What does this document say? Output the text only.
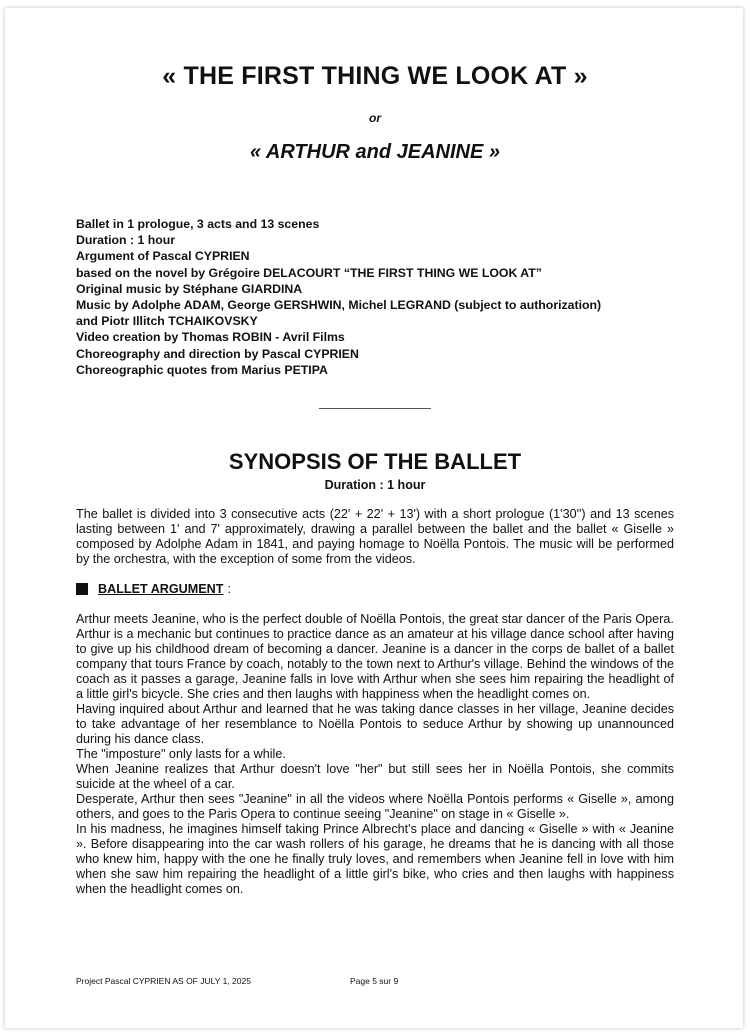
« THE FIRST THING WE LOOK AT »
or
« ARTHUR and JEANINE »
Ballet in 1 prologue, 3 acts and 13 scenes
Duration : 1 hour
Argument of Pascal CYPRIEN
based on the novel by Grégoire DELACOURT “THE FIRST THING WE LOOK AT”
Original music by Stéphane GIARDINA
Music by Adolphe ADAM, George GERSHWIN, Michel LEGRAND (subject to authorization)
and Piotr Illitch TCHAIKOVSKY
Video creation by Thomas ROBIN - Avril Films
Choreography and direction by Pascal CYPRIEN
Choreographic quotes from Marius PETIPA
SYNOPSIS OF THE BALLET
Duration : 1 hour
The ballet is divided into 3 consecutive acts (22' + 22' + 13') with a short prologue (1'30'') and 13 scenes lasting between 1' and 7' approximately, drawing a parallel between the ballet and the ballet « Giselle » composed by Adolphe Adam in 1841, and paying homage to Noëlla Pontois. The music will be performed by the orchestra, with the exception of some from the videos.
BALLET ARGUMENT :

Arthur meets Jeanine, who is the perfect double of Noëlla Pontois, the great star dancer of the Paris Opera.

Arthur is a mechanic but continues to practice dance as an amateur at his village dance school after having to give up his childhood dream of becoming a dancer. Jeanine is a dancer in the corps de ballet of a ballet company that tours France by coach, notably to the town next to Arthur's village. Behind the windows of the coach as it passes a garage, Jeanine falls in love with Arthur when she sees him repairing the headlight of a little girl's bicycle. She cries and then laughs with happiness when the headlight comes on.

Having inquired about Arthur and learned that he was taking dance classes in her village, Jeanine decides to take advantage of her resemblance to Noëlla Pontois to seduce Arthur by showing up unannounced during his dance class.

The "imposture" only lasts for a while.

When Jeanine realizes that Arthur doesn't love "her" but still sees her in Noëlla Pontois, she commits suicide at the wheel of a car.

Desperate, Arthur then sees "Jeanine" in all the videos where Noëlla Pontois performs « Giselle », among others, and goes to the Paris Opera to continue seeing "Jeanine" on stage in « Giselle ».

In his madness, he imagines himself taking Prince Albrecht's place and dancing « Giselle » with « Jeanine ». Before disappearing into the car wash rollers of his garage, he dreams that he is dancing with all those who knew him, happy with the one he finally truly loves, and remembers when Jeanine fell in love with him when she saw him repairing the headlight of a little girl's bike, who cries and then laughs with happiness when the headlight comes on.

Project Pascal CYPRIEN AS OF JULY 1, 2025	Page 5 sur 9
